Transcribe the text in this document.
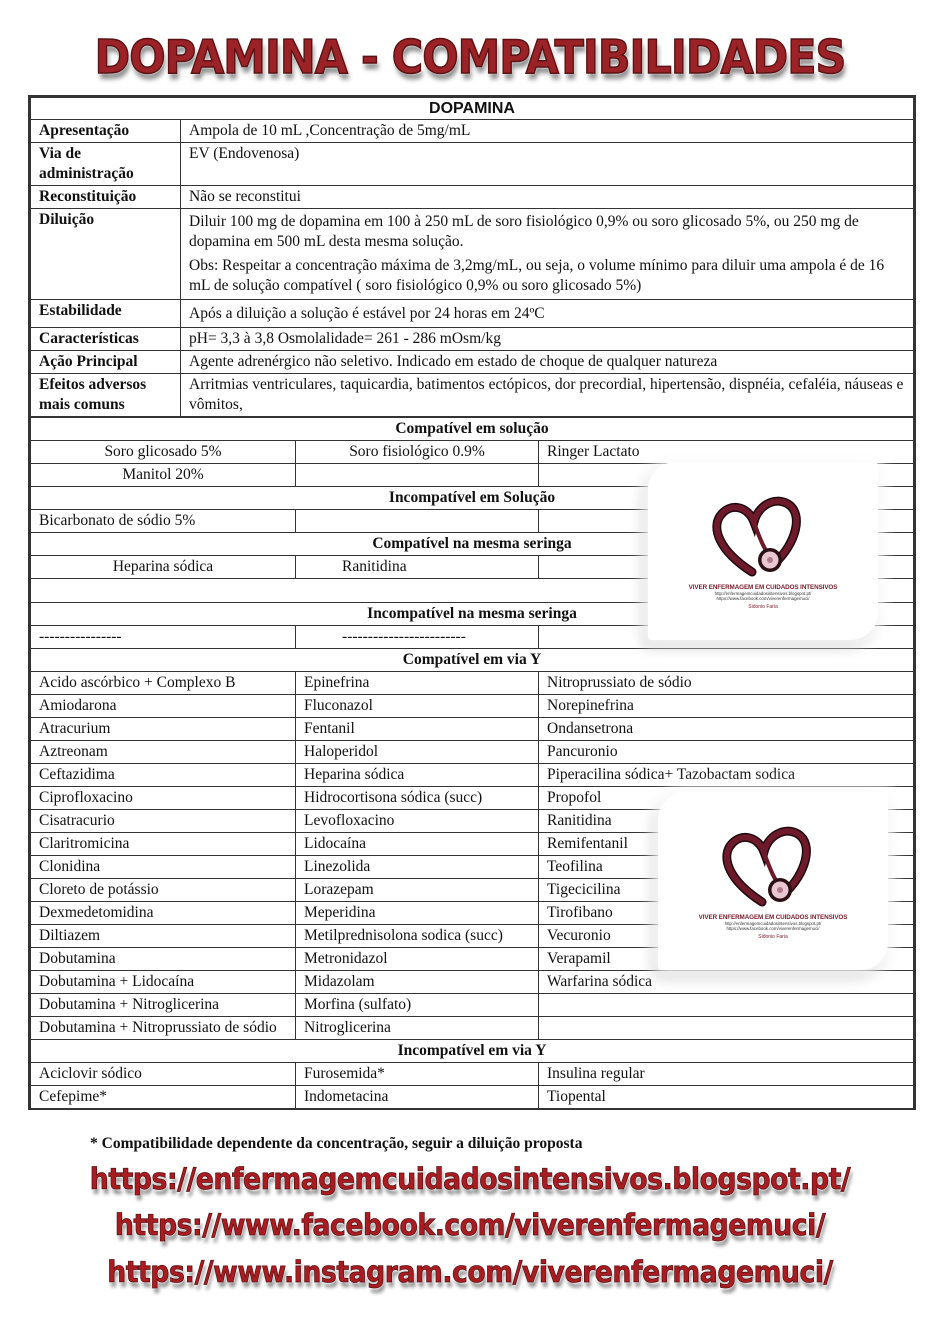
DOPAMINA - COMPATIBILIDADES
DOPAMINA	
Apresentação	Ampola de 10 mL ,Concentração de 5mg/mL

Via de administração	EV (Endovenosa)

Reconstituição	Não se reconstitui

Diluição	Diluir 100 mg de dopamina em 100 à 250 mL de soro fisiológico 0,9% ou soro glicosado 5%, ou 250 mg de dopamina em 500 mL desta mesma solução.

Obs: Respeitar a concentração máxima de 3,2mg/mL, ou seja, o volume mínimo para diluir uma ampola é de 16 mL de solução compatível ( soro fisiológico 0,9% ou soro glicosado 5%)

Estabilidade	Após a diluição a solução é estável por 24 horas em 24ºC

Características	pH= 3,3 à 3,8 Osmolalidade= 261 - 286 mOsm/kg

Ação Principal	Agente adrenérgico não seletivo. Indicado em estado de choque de qualquer natureza

Efeitos adversos mais comuns	Arritmias ventriculares, taquicardia, batimentos ectópicos, dor precordial, hipertensão, dispnéia, cefaléia, náuseas e vômitos,

Compatível em solução		
Soro glicosado 5%	Soro fisiológico 0.9%	Ringer Lactato
Manitol 20%		
Incompatível em Solução		
Bicarbonato de sódio 5%		
Compatível na mesma seringa		
Heparina sódica	Ranitidina	

Incompatível na mesma seringa		
----------------	------------------------	
Compatível em via Y		
Acido ascórbico + Complexo B	Epinefrina	Nitroprussiato de sódio
Amiodarona	Fluconazol	Norepinefrina
Atracurium	Fentanil	Ondansetrona
Aztreonam	Haloperidol	Pancuronio
Ceftazidima	Heparina sódica	Piperacilina sódica+ Tazobactam sodica
Ciprofloxacino	Hidrocortisona sódica (succ)	Propofol
Cisatracurio	Levofloxacino	Ranitidina
Claritromicina	Lidocaína	Remifentanil
Clonidina	Linezolida	Teofilina
Cloreto de potássio	Lorazepam	Tigecicilina
Dexmedetomidina	Meperidina	Tirofibano
Diltiazem	Metilprednisolona sodica (succ)	Vecuronio
Dobutamina	Metronidazol	Verapamil
Dobutamina + Lidocaína	Midazolam	Warfarina sódica
Dobutamina + Nitroglicerina	Morfina (sulfato)	
Dobutamina + Nitroprussiato de sódio	Nitroglicerina	
Incompatível em via Y		
Aciclovir sódico	Furosemida*	Insulina regular
Cefepime*	Indometacina	Tiopental
VIVER ENFERMAGEM EM CUIDADOS INTENSIVOS
http://enfermagemcuidadosintensivos.blogspot.pt/
https://www.facebook.com/viverenfermagemuci/
Sidonio Faria
VIVER ENFERMAGEM EM CUIDADOS INTENSIVOS
http://enfermagemcuidadosintensivos.blogspot.pt/
https://www.facebook.com/viverenfermagemuci/
Sidonio Faria
* Compatibilidade dependente da concentração, seguir a diluição proposta
https://enfermagemcuidadosintensivos.blogspot.pt/
https://www.facebook.com/viverenfermagemuci/
https://www.instagram.com/viverenfermagemuci/
